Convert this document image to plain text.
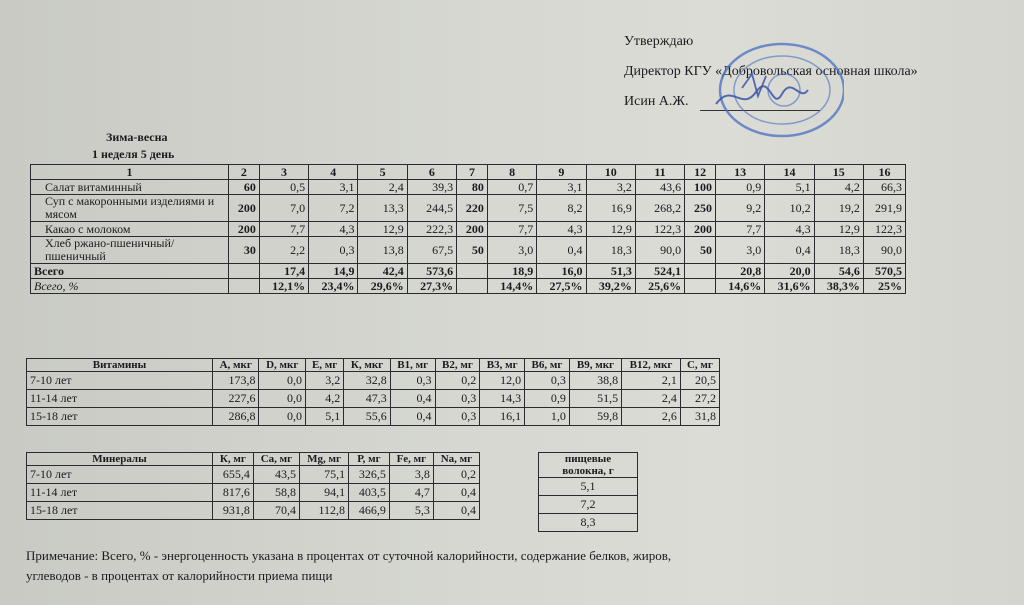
Утверждаю
Директор КГУ «Добровольская основная школа»
Исин А.Ж.
Зима-весна
1 неделя 5 день
1	2	3	4	5	6	7	8	9	10	11	12	13	14	15	16
Салат витаминный	60	0,5	3,1	2,4	39,3	80	0,7	3,1	3,2	43,6	100	0,9	5,1	4,2	66,3
Суп с макоронными изделиями и мясом	200	7,0	7,2	13,3	244,5	220	7,5	8,2	16,9	268,2	250	9,2	10,2	19,2	291,9
Какао с молоком	200	7,7	4,3	12,9	222,3	200	7,7	4,3	12,9	122,3	200	7,7	4,3	12,9	122,3
Хлеб ржано-пшеничный/ пшеничный	30	2,2	0,3	13,8	67,5	50	3,0	0,4	18,3	90,0	50	3,0	0,4	18,3	90,0
Всего		17,4	14,9	42,4	573,6		18,9	16,0	51,3	524,1		20,8	20,0	54,6	570,5
Всего, %		12,1%	23,4%	29,6%	27,3%		14,4%	27,5%	39,2%	25,6%		14,6%	31,6%	38,3%	25%
Витамины	А, мкг	D, мкг	Е, мг	К, мкг	В1, мг	В2, мг	В3, мг	В6, мг	В9, мкг	В12, мкг	С, мг
7-10 лет	173,8	0,0	3,2	32,8	0,3	0,2	12,0	0,3	38,8	2,1	20,5
11-14 лет	227,6	0,0	4,2	47,3	0,4	0,3	14,3	0,9	51,5	2,4	27,2
15-18 лет	286,8	0,0	5,1	55,6	0,4	0,3	16,1	1,0	59,8	2,6	31,8
Минералы	К, мг	Са, мг	Mg, мг	Р, мг	Fe, мг	Na, мг
7-10 лет	655,4	43,5	75,1	326,5	3,8	0,2
11-14 лет	817,6	58,8	94,1	403,5	4,7	0,4
15-18 лет	931,8	70,4	112,8	466,9	5,3	0,4
пищевые волокна, г
5,1
7,2
8,3
Примечание: Всего, % - энергоценность указана в процентах от суточной калорийности, содержание белков, жиров,
углеводов - в процентах от калорийности приема пищи
